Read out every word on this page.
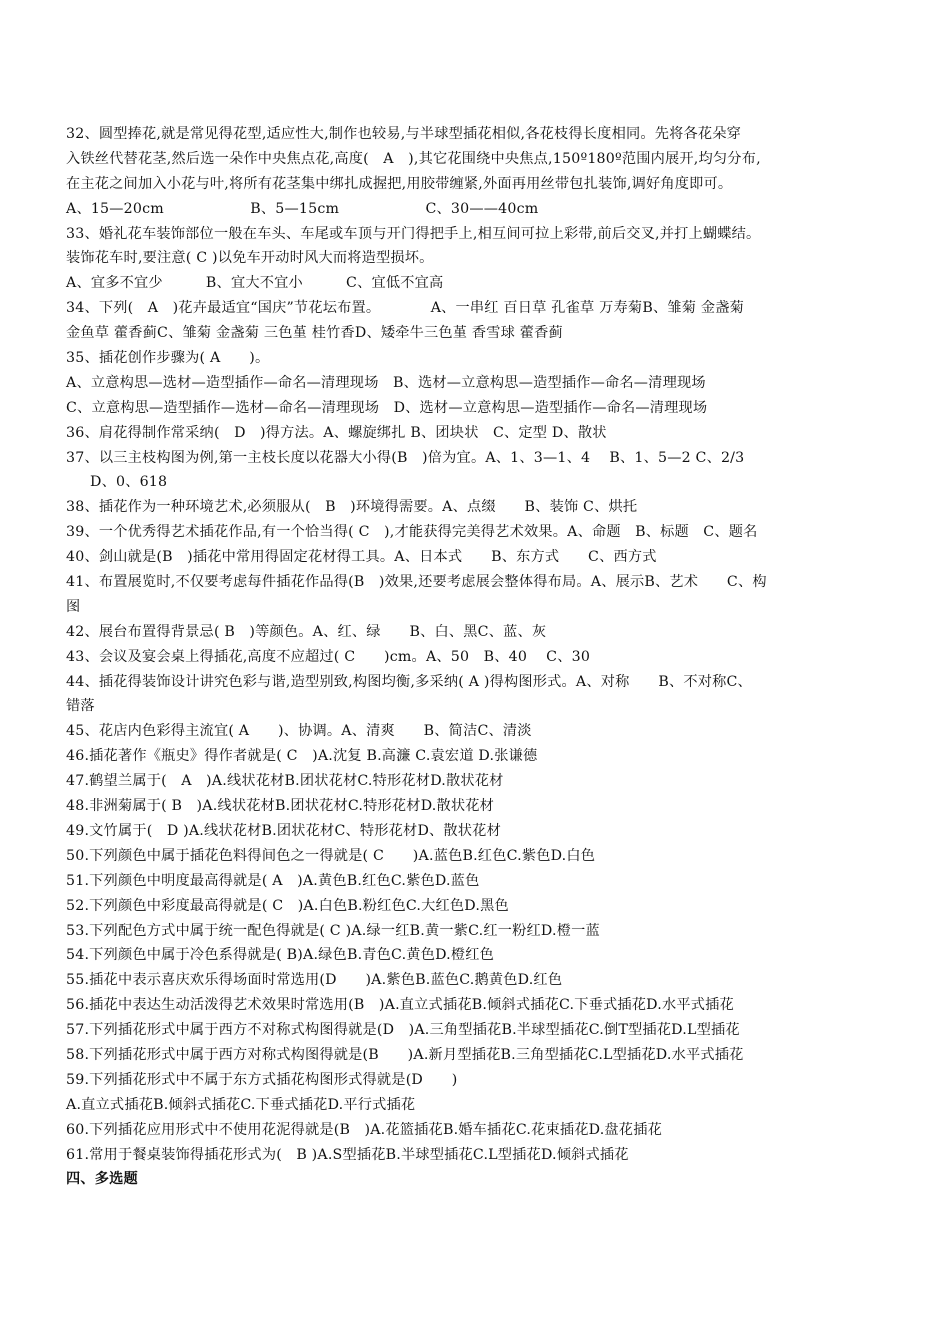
32、圆型捧花,就是常见得花型,适应性大,制作也较易,与半球型插花相似,各花枝得长度相同。先将各花朵穿
入铁丝代替花茎,然后选一朵作中央焦点花,高度(　A　),其它花围绕中央焦点,150º180º范围内展开,均匀分布,
在主花之间加入小花与叶,将所有花茎集中绑扎成握把,用胶带缠紧,外面再用丝带包扎装饰,调好角度即可。
A、15—20cm　　　　　　B、5—15cm　　　　　　C、30——40cm
33、婚礼花车装饰部位一般在车头、车尾或车顶与开门得把手上,相互间可拉上彩带,前后交叉,并打上蝴蝶结。
装饰花车时,要注意( C )以免车开动时风大而将造型损坏。
A、宜多不宜少　　　B、宜大不宜小　　　C、宜低不宜高
34、下列(　A　)花卉最适宜“国庆”节花坛布置。　　　　A、一串红 百日草 孔雀草 万寿菊B、雏菊 金盏菊
金鱼草 藿香蓟C、雏菊 金盏菊 三色堇 桂竹香D、矮牵牛三色堇 香雪球 藿香蓟
35、插花创作步骤为( A　　)。
A、立意构思—选材—造型插作—命名—清理现场　B、选材—立意构思—造型插作—命名—清理现场
C、立意构思—造型插作—选材—命名—清理现场　D、选材—立意构思—造型插作—命名—清理现场
36、肩花得制作常采纳(　D　)得方法。A、螺旋绑扎 B、团块状　C、定型 D、散状
37、以三主枝构图为例,第一主枝长度以花器大小得(B　)倍为宜。A、1、3—1、4　 B、1、5—2 C、2/3
D、0、618
38、插花作为一种环境艺术,必须服从(　B　)环境得需要。A、点缀　　B、装饰 C、烘托
39、一个优秀得艺术插花作品,有一个恰当得( C　),才能获得完美得艺术效果。A、命题　B、标题　C、题名
40、剑山就是(B　)插花中常用得固定花材得工具。A、日本式　　B、东方式　　C、西方式
41、布置展览时,不仅要考虑每件插花作品得(B　)效果,还要考虑展会整体得布局。A、展示B、艺术　　C、构
图
42、展台布置得背景忌( B　)等颜色。A、红、绿　　B、白、黑C、蓝、灰
43、会议及宴会桌上得插花,高度不应超过( C　　)cm。A、50　B、40　 C、30
44、插花得装饰设计讲究色彩与谐,造型别致,构图均衡,多采纳( A )得构图形式。A、对称　　B、不对称C、
错落
45、花店内色彩得主流宜( A　　)、协调。A、清爽　　B、简洁C、清淡
46.插花著作《瓶史》得作者就是( C　)A.沈复 B.高濂 C.袁宏道 D.张谦德
47.鹤望兰属于(　A　)A.线状花材B.团状花材C.特形花材D.散状花材
48.非洲菊属于( B　)A.线状花材B.团状花材C.特形花材D.散状花材
49.文竹属于(　D )A.线状花材B.团状花材C、特形花材D、散状花材
50.下列颜色中属于插花色料得间色之一得就是( C　　)A.蓝色B.红色C.紫色D.白色
51.下列颜色中明度最高得就是( A　)A.黄色B.红色C.紫色D.蓝色
52.下列颜色中彩度最高得就是( C　)A.白色B.粉红色C.大红色D.黑色
53.下列配色方式中属于统一配色得就是( C )A.绿一红B.黄一紫C.红一粉红D.橙一蓝
54.下列颜色中属于冷色系得就是( B)A.绿色B.青色C.黄色D.橙红色
55.插花中表示喜庆欢乐得场面时常选用(D　　)A.紫色B.蓝色C.鹅黄色D.红色
56.插花中表达生动活泼得艺术效果时常选用(B　)A.直立式插花B.倾斜式插花C.下垂式插花D.水平式插花
57.下列插花形式中属于西方不对称式构图得就是(D　)A.三角型插花B.半球型插花C.倒T型插花D.L型插花
58.下列插花形式中属于西方对称式构图得就是(B　　)A.新月型插花B.三角型插花C.L型插花D.水平式插花
59.下列插花形式中不属于东方式插花构图形式得就是(D　　)
A.直立式插花B.倾斜式插花C.下垂式插花D.平行式插花
60.下列插花应用形式中不使用花泥得就是(B　)A.花篮插花B.婚车插花C.花束插花D.盘花插花
61.常用于餐桌装饰得插花形式为(　B )A.S型插花B.半球型插花C.L型插花D.倾斜式插花
四、多选题
